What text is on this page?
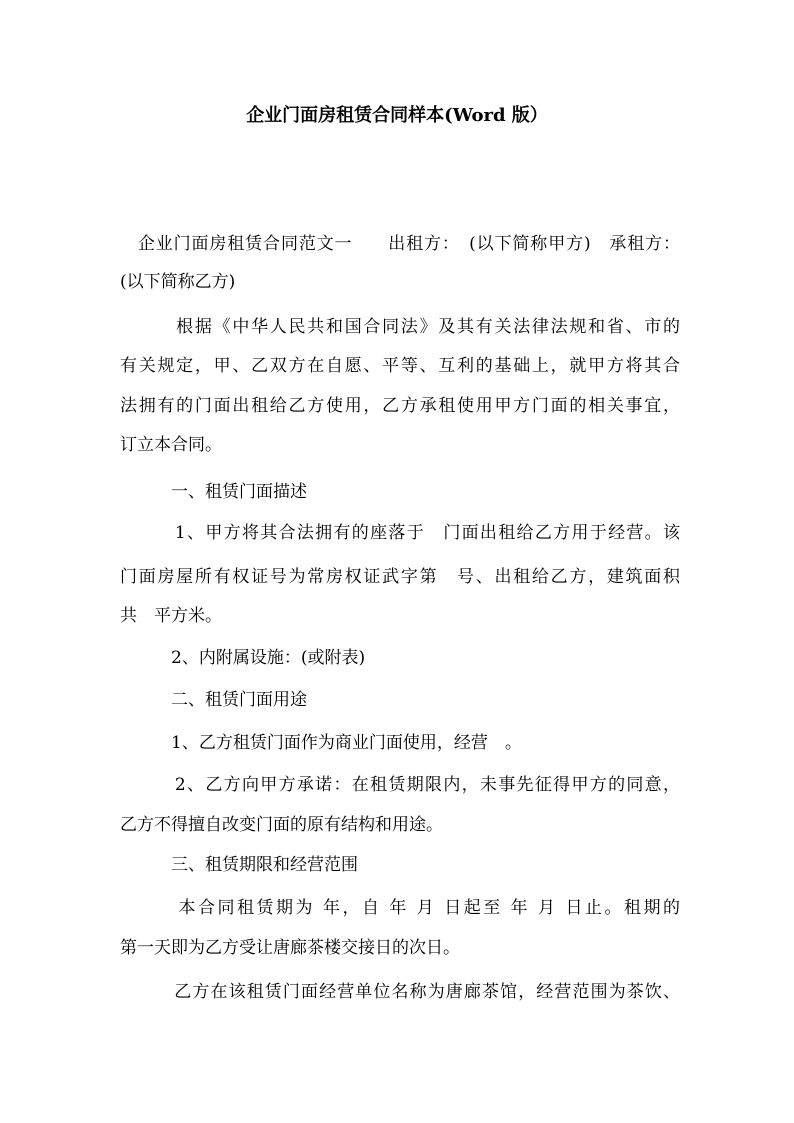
企业门面房租赁合同样本(Word 版）

　企业门面房租赁合同范文一　　出租方：　(以下简称甲方)　承租方：

(以下简称乙方)

　　　根据《中华人民共和国合同法》及其有关法律法规和省、市的

有关规定，甲、乙双方在自愿、平等、互利的基础上，就甲方将其合

法拥有的门面出租给乙方使用，乙方承租使用甲方门面的相关事宜，

订立本合同。

　　　一、租赁门面描述

　　　1、甲方将其合法拥有的座落于　门面出租给乙方用于经营。该

门面房屋所有权证号为常房权证武字第　号、出租给乙方，建筑面积

共　平方米。

　　　2、内附属设施：(或附表)

　　　二、租赁门面用途

　　　1、乙方租赁门面作为商业门面使用，经营　。

　　　2、乙方向甲方承诺：在租赁期限内，未事先征得甲方的同意，

乙方不得擅自改变门面的原有结构和用途。

　　　三、租赁期限和经营范围

　　　本合同租赁期为 年，自 年 月 日起至 年 月 日止。租期的

第一天即为乙方受让唐廊茶楼交接日的次日。

　　　乙方在该租赁门面经营单位名称为唐廊茶馆，经营范围为茶饮、
